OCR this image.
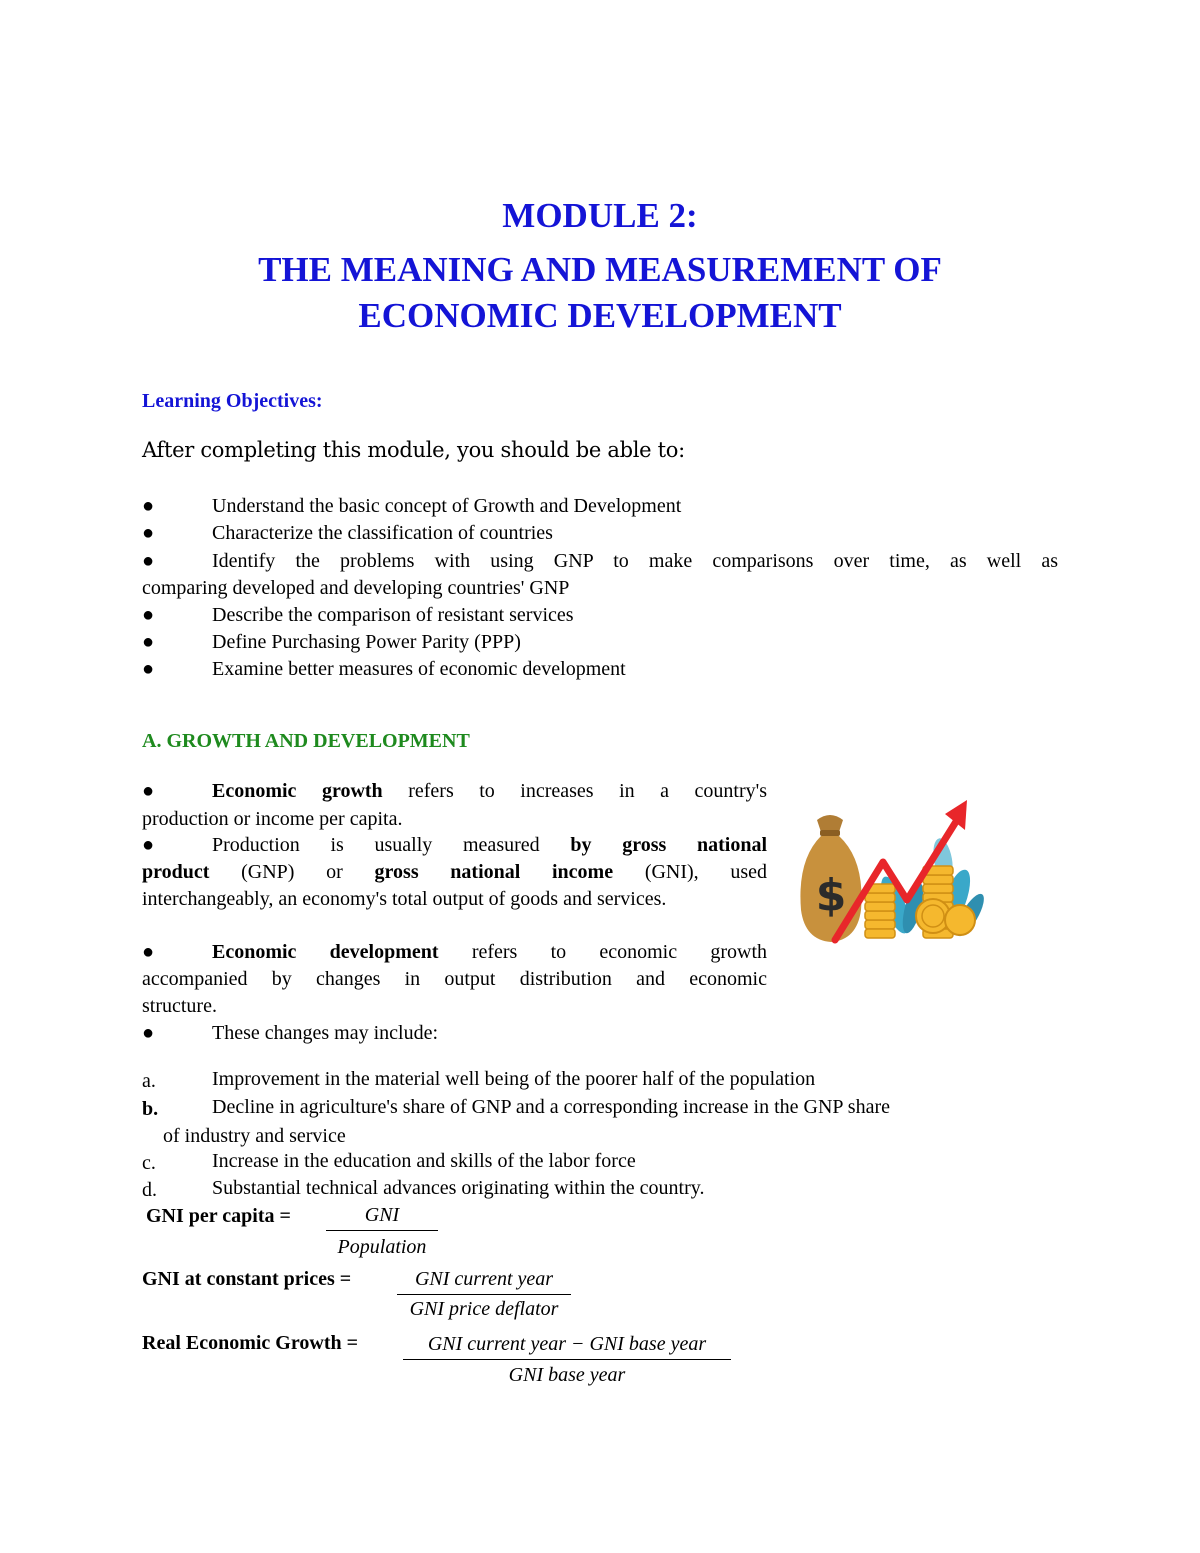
MODULE 2:
THE MEANING AND MEASUREMENT OF
ECONOMIC DEVELOPMENT
Learning Objectives:
After completing this module, you should be able to:
●	Understand the basic concept of Growth and Development
●	Characterize the classification of countries
●	Identify the problems with using GNP to make comparisons over time, as well as
comparing developed and developing countries' GNP
●	Describe the comparison of resistant services
●	Define Purchasing Power Parity (PPP)
●	Examine better measures of economic development
A. GROWTH AND DEVELOPMENT
●	Economic growth refers to increases in a country's
production or income per capita.
●	Production is usually measured by gross national
product (GNP) or gross national income (GNI), used
interchangeably, an economy's total output of goods and services.
●	Economic development refers to economic growth
accompanied by changes in output distribution and economic
structure.
●	These changes may include:
a.	Improvement in the material well being of the poorer half of the population
b.	Decline in agriculture's share of GNP and a corresponding increase in the GNP share
of industry and service
c.	Increase in the education and skills of the labor force
d.	Substantial technical advances originating within the country.
GNI per capita =	GNI
Population
GNI at constant prices =	GNI current year
GNI price deflator
Real Economic Growth =	GNI current year − GNI base year
GNI base year
$
